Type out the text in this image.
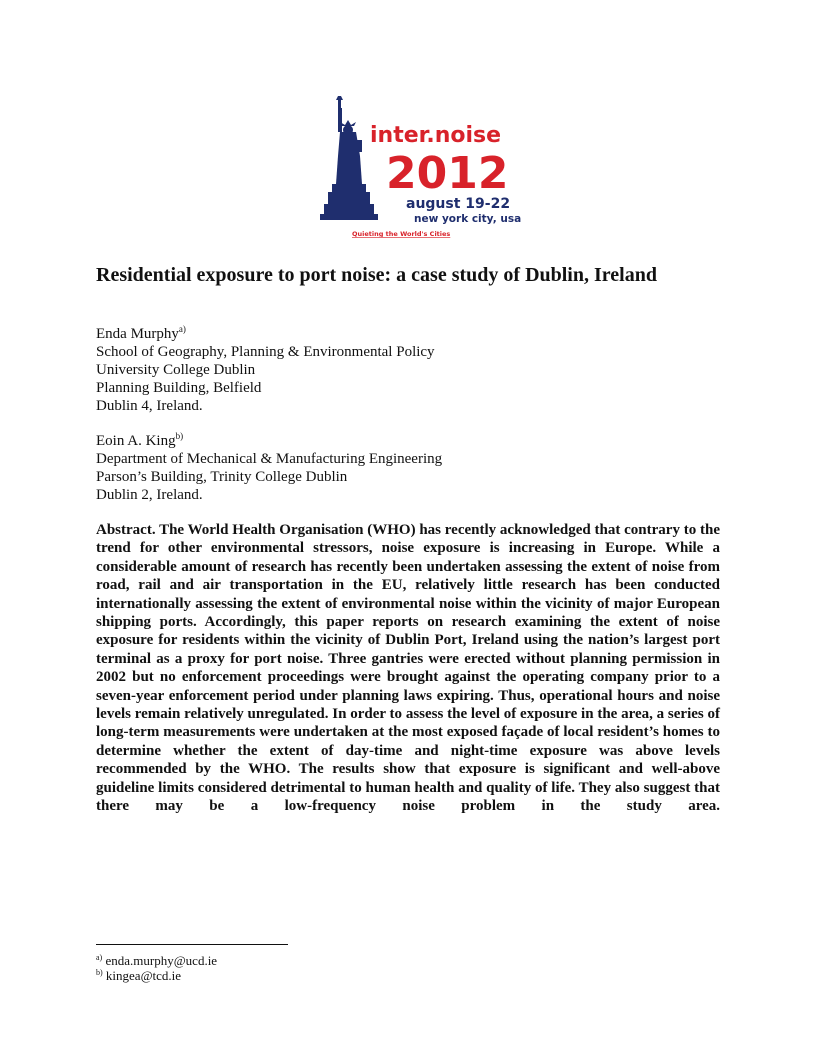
inter.noise
2012
august 19-22
new york city, usa
Quieting the World's Cities
Residential exposure to port noise: a case study of Dublin, Ireland
Enda Murphy$^{a)}$
School of Geography, Planning & Environmental Policy
University College Dublin
Planning Building, Belfield
Dublin 4, Ireland.
Eoin A. King$^{b)}$
Department of Mechanical & Manufacturing Engineering
Parson’s Building, Trinity College Dublin
Dublin 2, Ireland.
Abstract. The World Health Organisation (WHO) has recently acknowledged that contrary to the trend for other environmental stressors, noise exposure is increasing in Europe. While a considerable amount of research has recently been undertaken assessing the extent of noise from road, rail and air transportation in the EU, relatively little research has been conducted internationally assessing the extent of environmental noise within the vicinity of major European shipping ports. Accordingly, this paper reports on research examining the extent of noise exposure for residents within the vicinity of Dublin Port, Ireland using the nation’s largest port terminal as a proxy for port noise. Three gantries were erected without planning permission in 2002 but no enforcement proceedings were brought against the operating company prior to a seven-year enforcement period under planning laws expiring. Thus, operational hours and noise levels remain relatively unregulated. In order to assess the level of exposure in the area, a series of long-term measurements were undertaken at the most exposed façade of local resident’s homes to determine whether the extent of day-time and night-time exposure was above levels recommended by the WHO. The results show that exposure is significant and well-above guideline limits considered detrimental to human health and quality of life. They also suggest that there may be a low-frequency noise problem in the study area.
$^{a)}$ enda.murphy@ucd.ie
$^{b)}$ kingea@tcd.ie
